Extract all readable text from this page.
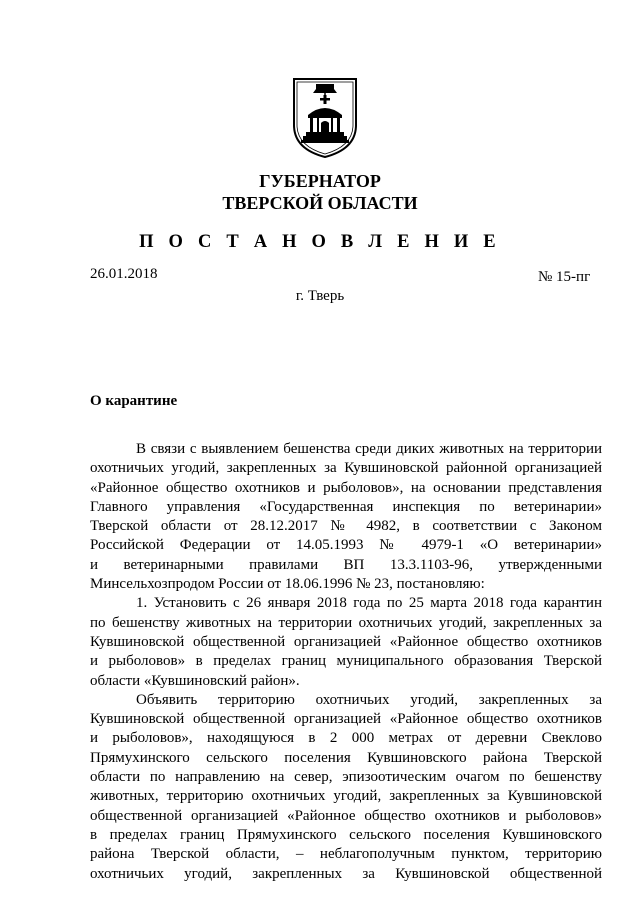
ГУБЕРНАТОР
ТВЕРСКОЙ ОБЛАСТИ
П О С Т А Н О В Л Е Н И Е
26.01.2018	№ 15-пг
г. Тверь
О карантине
В связи с выявлением бешенства среди диких животных на территории
охотничьих угодий, закрепленных за Кувшиновской районной организацией
«Районное общество охотников и рыболовов», на основании представления
Главного управления «Государственная инспекция по ветеринарии»
Тверской области от 28.12.2017 № 4982, в соответствии с Законом
Российской Федерации от 14.05.1993 № 4979-1 «О ветеринарии»
и ветеринарными правилами ВП 13.3.1103-96, утвержденными
Минсельхозпродом России от 18.06.1996 № 23, постановляю:
1. Установить с 26 января 2018 года по 25 марта 2018 года карантин
по бешенству животных на территории охотничьих угодий, закрепленных за
Кувшиновской общественной организацией «Районное общество охотников
и рыболовов» в пределах границ муниципального образования Тверской
области «Кувшиновский район».
Объявить территорию охотничьих угодий, закрепленных за
Кувшиновской общественной организацией «Районное общество охотников
и рыболовов», находящуюся в 2 000 метрах от деревни Свеклово
Прямухинского сельского поселения Кувшиновского района Тверской
области по направлению на север, эпизоотическим очагом по бешенству
животных, территорию охотничьих угодий, закрепленных за Кувшиновской
общественной организацией «Районное общество охотников и рыболовов»
в пределах границ Прямухинского сельского поселения Кувшиновского
района Тверской области, – неблагополучным пунктом, территорию
охотничьих угодий, закрепленных за Кувшиновской общественной
